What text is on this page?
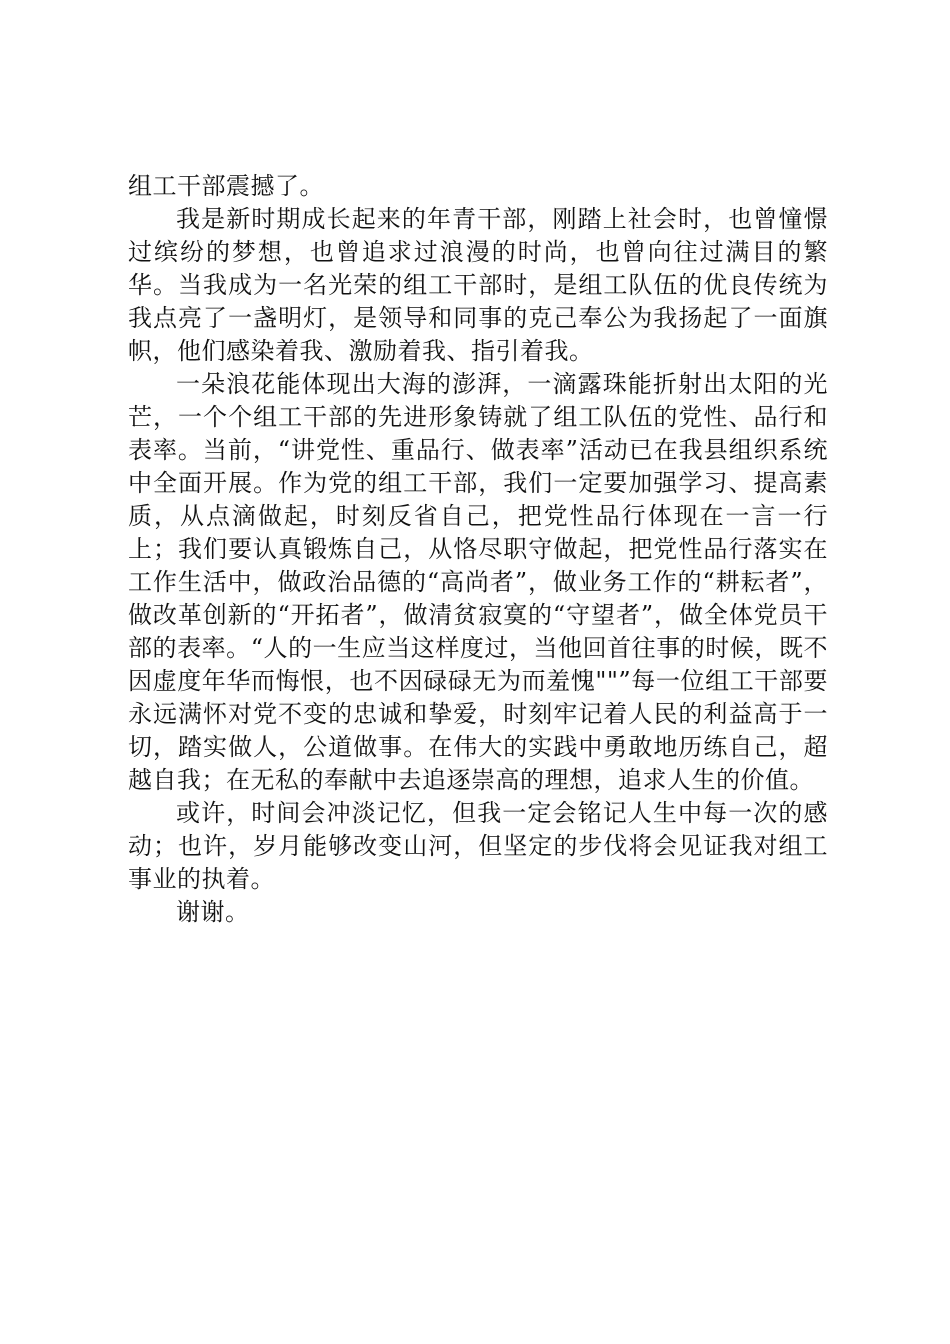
组工干部震撼了。

我是新时期成长起来的年青干部，刚踏上社会时，也曾憧憬过缤纷的梦想，也曾追求过浪漫的时尚，也曾向往过满目的繁华。当我成为一名光荣的组工干部时，是组工队伍的优良传统为我点亮了一盏明灯，是领导和同事的克己奉公为我扬起了一面旗帜，他们感染着我、激励着我、指引着我。

一朵浪花能体现出大海的澎湃，一滴露珠能折射出太阳的光芒，一个个组工干部的先进形象铸就了组工队伍的党性、品行和表率。当前，“讲党性、重品行、做表率”活动已在我县组织系统中全面开展。作为党的组工干部，我们一定要加强学习、提高素质，从点滴做起，时刻反省自己，把党性品行体现在一言一行上；我们要认真锻炼自己，从恪尽职守做起，把党性品行落实在工作生活中，做政治品德的“高尚者”，做业务工作的“耕耘者”，做改革创新的“开拓者”，做清贫寂寞的“守望者”，做全体党员干部的表率。“人的一生应当这样度过，当他回首往事的时候，既不因虚度年华而悔恨，也不因碌碌无为而羞愧""”每一位组工干部要永远满怀对党不变的忠诚和挚爱，时刻牢记着人民的利益高于一切，踏实做人，公道做事。在伟大的实践中勇敢地历练自己，超越自我；在无私的奉献中去追逐崇高的理想，追求人生的价值。

或许，时间会冲淡记忆，但我一定会铭记人生中每一次的感动；也许，岁月能够改变山河，但坚定的步伐将会见证我对组工事业的执着。

谢谢。
